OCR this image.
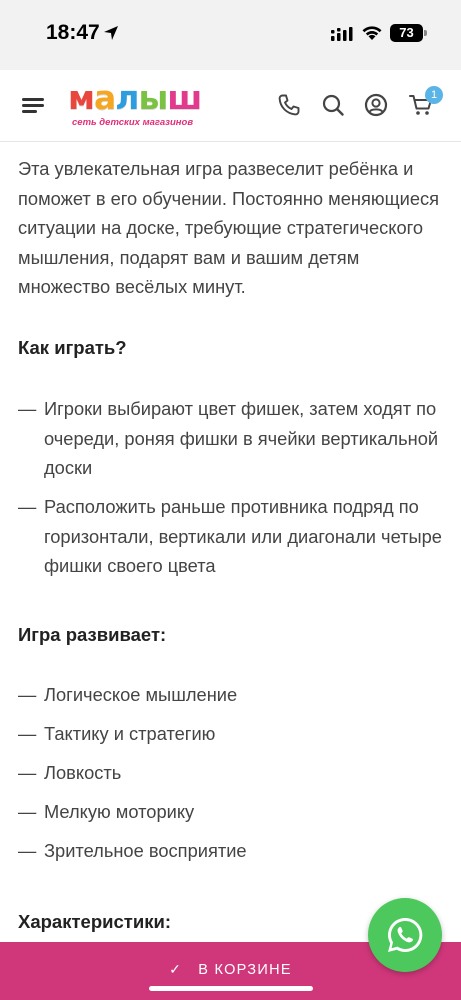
18:47	73
малыш
сеть детских магазинов
1

Эта увлекательная игра развеселит ребёнка и поможет в его обучении. Постоянно меняющиеся ситуации на доске, требующие стратегического мышления, подарят вам и вашим детям множество весёлых минут.

Как играть?
— Игроки выбирают цвет фишек, затем ходят по очереди, роняя фишки в ячейки вертикальной доски
— Расположить раньше противника подряд по горизонтали, вертикали или диагонали четыре фишки своего цвета
Игра развивает:
— Логическое мышление
— Тактику и стратегию
— Ловкость
— Мелкую моторику
— Зрительное восприятие
Характеристики:
✓ В КОРЗИНЕ
